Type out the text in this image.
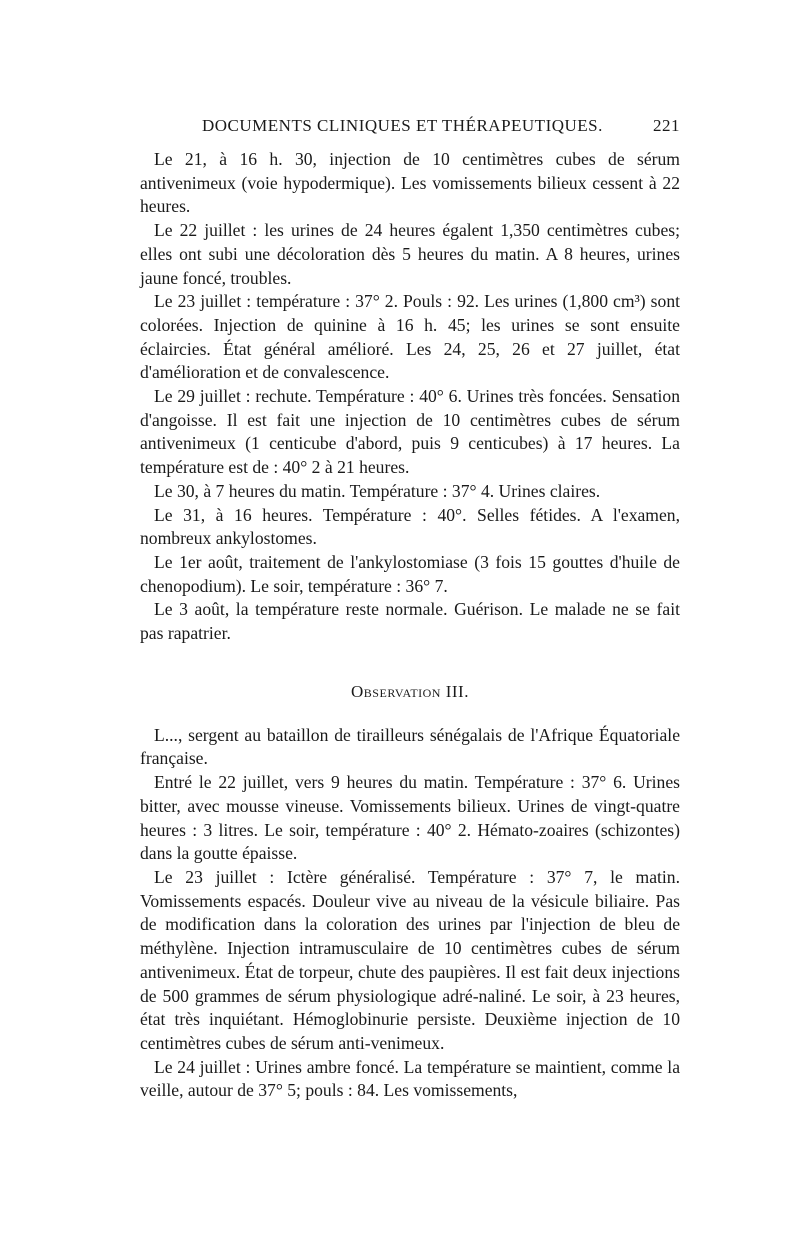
DOCUMENTS CLINIQUES ET THÉRAPEUTIQUES.	221

Le 21, à 16 h. 30, injection de 10 centimètres cubes de sérum antivenimeux (voie hypodermique). Les vomissements bilieux cessent à 22 heures.

Le 22 juillet : les urines de 24 heures égalent 1,350 centimètres cubes; elles ont subi une décoloration dès 5 heures du matin. A 8 heures, urines jaune foncé, troubles.

Le 23 juillet : température : 37° 2. Pouls : 92. Les urines (1,800 cm³) sont colorées. Injection de quinine à 16 h. 45; les urines se sont ensuite éclaircies. État général amélioré. Les 24, 25, 26 et 27 juillet, état d'amélioration et de convalescence.

Le 29 juillet : rechute. Température : 40° 6. Urines très foncées. Sensation d'angoisse. Il est fait une injection de 10 centimètres cubes de sérum antivenimeux (1 centicube d'abord, puis 9 centicubes) à 17 heures. La température est de : 40° 2 à 21 heures.

Le 30, à 7 heures du matin. Température : 37° 4. Urines claires.

Le 31, à 16 heures. Température : 40°. Selles fétides. A l'examen, nombreux ankylostomes.

Le 1er août, traitement de l'ankylostomiase (3 fois 15 gouttes d'huile de chenopodium). Le soir, température : 36° 7.

Le 3 août, la température reste normale. Guérison. Le malade ne se fait pas rapatrier.

Observation III.

L..., sergent au bataillon de tirailleurs sénégalais de l'Afrique Équatoriale française.

Entré le 22 juillet, vers 9 heures du matin. Température : 37° 6. Urines bitter, avec mousse vineuse. Vomissements bilieux. Urines de vingt-quatre heures : 3 litres. Le soir, température : 40° 2. Hémato-zoaires (schizontes) dans la goutte épaisse.

Le 23 juillet : Ictère généralisé. Température : 37° 7, le matin. Vomissements espacés. Douleur vive au niveau de la vésicule biliaire. Pas de modification dans la coloration des urines par l'injection de bleu de méthylène. Injection intramusculaire de 10 centimètres cubes de sérum antivenimeux. État de torpeur, chute des paupières. Il est fait deux injections de 500 grammes de sérum physiologique adré-naliné. Le soir, à 23 heures, état très inquiétant. Hémoglobinurie persiste. Deuxième injection de 10 centimètres cubes de sérum anti-venimeux.

Le 24 juillet : Urines ambre foncé. La température se maintient, comme la veille, autour de 37° 5; pouls : 84. Les vomissements,
